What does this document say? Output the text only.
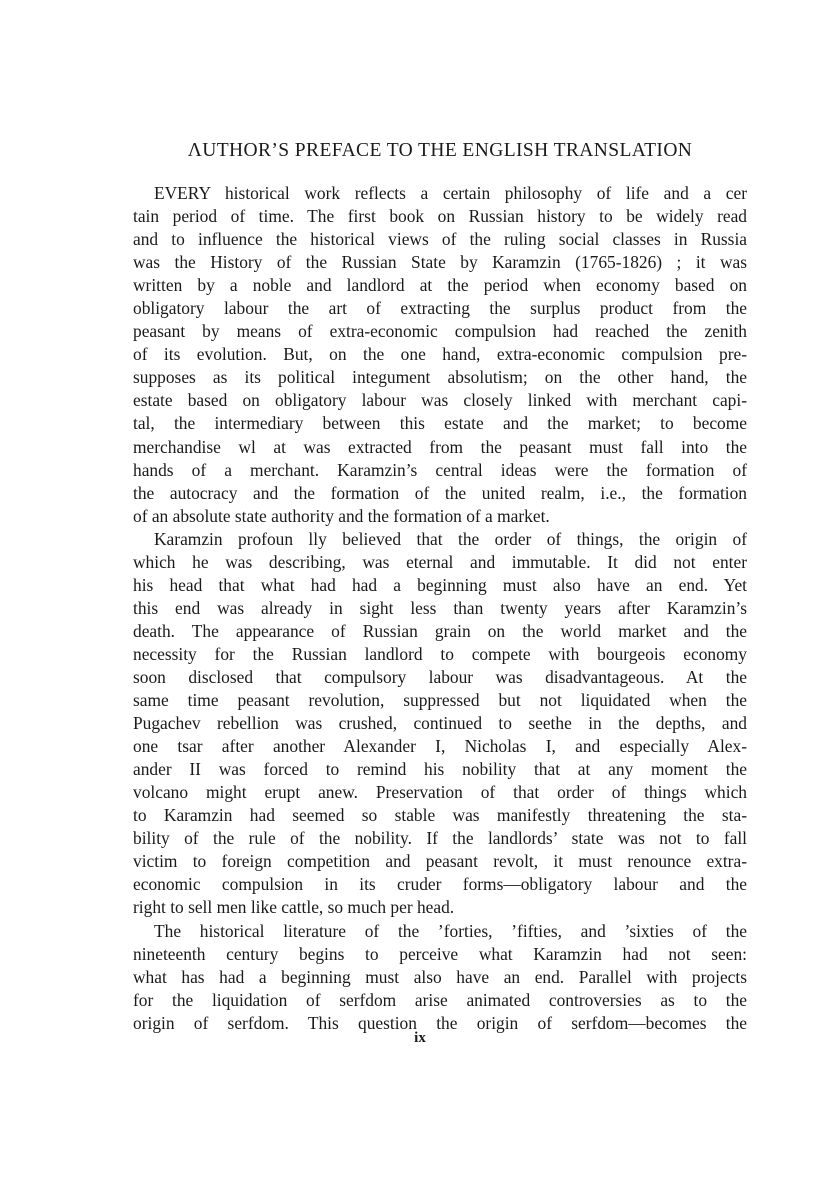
ΛUTHOR’S PREFACE TO THE ENGLISH TRANSLATION
EVERY historical work reflects a certain philosophy of life and a cer
tain period of time. The first book on Russian history to be widely read
and to influence the historical views of the ruling social classes in Russia
was the History of the Russian State by Karamzin (1765-1826) ; it was
written by a noble and landlord at the period when economy based on
obligatory labour the art of extracting the surplus product from the
peasant by means of extra-economic compulsion had reached the zenith
of its evolution. But, on the one hand, extra-economic compulsion pre-
supposes as its political integument absolutism; on the other hand, the
estate based on obligatory labour was closely linked with merchant capi-
tal, the intermediary between this estate and the market; to become
merchandise wl at was extracted from the peasant must fall into the
hands of a merchant. Karamzin’s central ideas were the formation of
the autocracy and the formation of the united realm, i.e., the formation
of an absolute state authority and the formation of a market.
Karamzin profoun lly believed that the order of things, the origin of
which he was describing, was eternal and immutable. It did not enter
his head that what had had a beginning must also have an end. Yet
this end was already in sight less than twenty years after Karamzin’s
death. The appearance of Russian grain on the world market and the
necessity for the Russian landlord to compete with bourgeois economy
soon disclosed that compulsory labour was disadvantageous. At the
same time peasant revolution, suppressed but not liquidated when the
Pugachev rebellion was crushed, continued to seethe in the depths, and
one tsar after another Alexander I, Nicholas I, and especially Alex-
ander II was forced to remind his nobility that at any moment the
volcano might erupt anew. Preservation of that order of things which
to Karamzin had seemed so stable was manifestly threatening the sta-
bility of the rule of the nobility. If the landlords’ state was not to fall
victim to foreign competition and peasant revolt, it must renounce extra-
economic compulsion in its cruder forms—obligatory labour and the
right to sell men like cattle, so much per head.
The historical literature of the ’forties, ’fifties, and ’sixties of the
nineteenth century begins to perceive what Karamzin had not seen:
what has had a beginning must also have an end. Parallel with projects
for the liquidation of serfdom arise animated controversies as to the
origin of serfdom. This question the origin of serfdom—becomes the

ix
